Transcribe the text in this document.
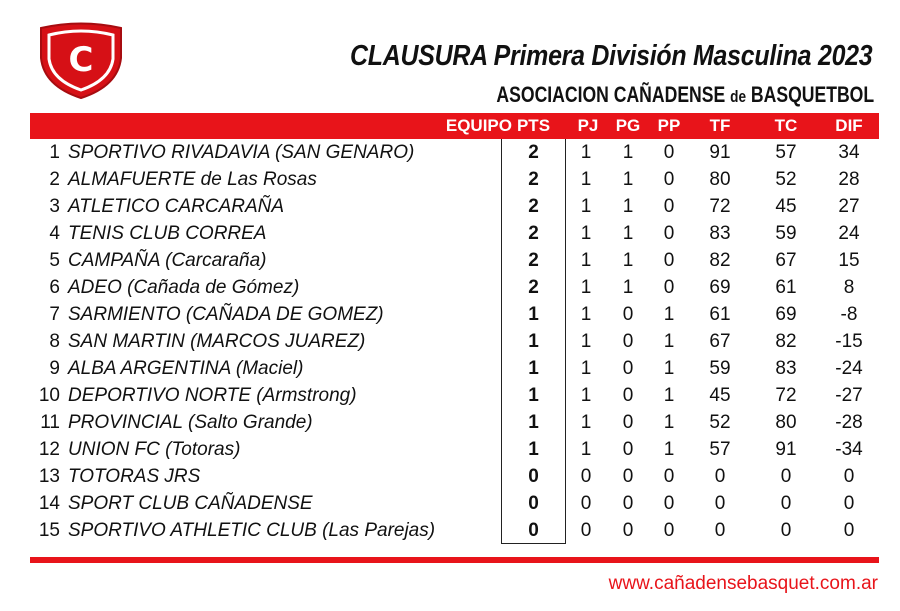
C	CLAUSURA Primera División Masculina 2023

ASOCIACION CAÑADENSE de BASQUETBOL

EQUIPO PTS	PJ	PG	PP	TF	TC	DIF
1 SPORTIVO RIVADAVIA (SAN GENARO)	2	1	1	0	91	57	34
2 ALMAFUERTE de Las Rosas	2	1	1	0	80	52	28
3 ATLETICO CARCARAÑA	2	1	1	0	72	45	27
4 TENIS CLUB CORREA	2	1	1	0	83	59	24
5 CAMPAÑA (Carcaraña)	2	1	1	0	82	67	15
6 ADEO (Cañada de Gómez)	2	1	1	0	69	61	8
7 SARMIENTO (CAÑADA DE GOMEZ)	1	1	0	1	61	69	-8
8 SAN MARTIN (MARCOS JUAREZ)	1	1	0	1	67	82	-15
9 ALBA ARGENTINA (Maciel)	1	1	0	1	59	83	-24
10 DEPORTIVO NORTE (Armstrong)	1	1	0	1	45	72	-27
11 PROVINCIAL (Salto Grande)	1	1	0	1	52	80	-28
12 UNION FC (Totoras)	1	1	0	1	57	91	-34
13 TOTORAS JRS	0	0	0	0	0	0	0
14 SPORT CLUB CAÑADENSE	0	0	0	0	0	0	0
15 SPORTIVO ATHLETIC CLUB (Las Parejas)	0	0	0	0	0	0	0

www.cañadensebasquet.com.ar
